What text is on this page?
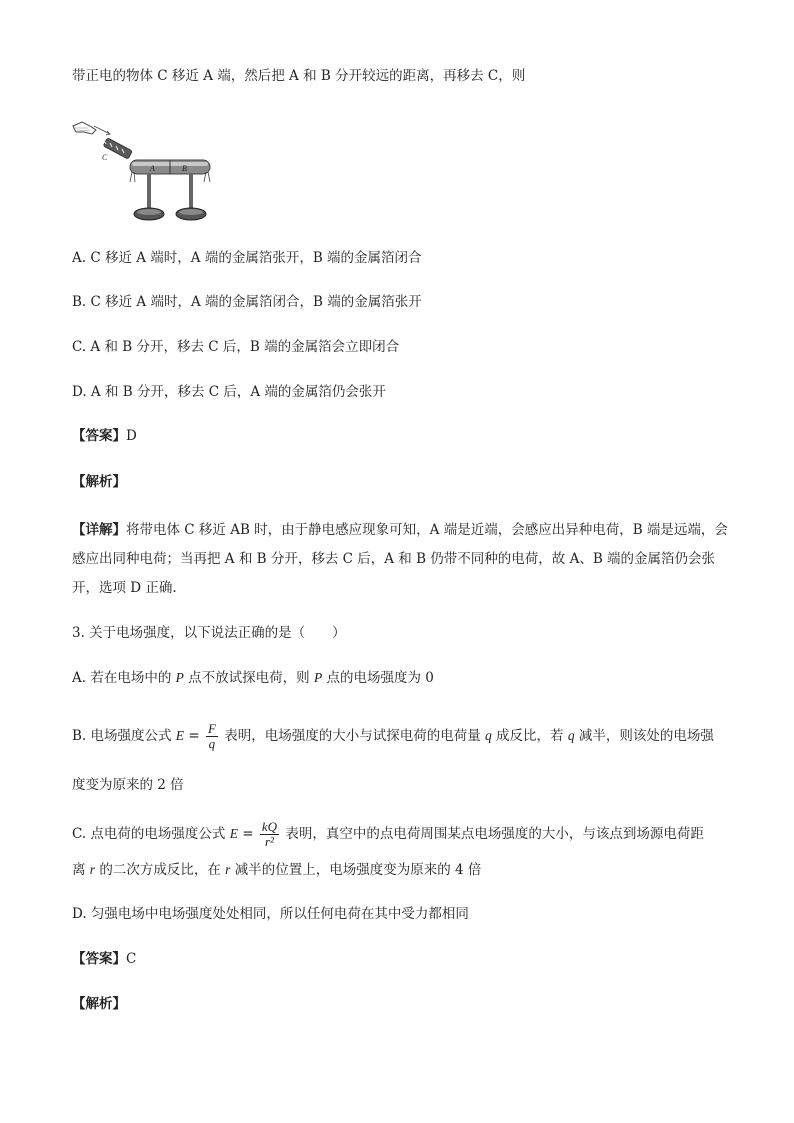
带正电的物体 C 移近 A 端，然后把 A 和 B 分开较远的距离，再移去 C，则
C
A	B
A. C 移近 A 端时，A 端的金属箔张开，B 端的金属箔闭合
B. C 移近 A 端时，A 端的金属箔闭合，B 端的金属箔张开
C. A 和 B 分开，移去 C 后，B 端的金属箔会立即闭合
D. A 和 B 分开，移去 C 后，A 端的金属箔仍会张开
【答案】D
【解析】
【详解】将带电体 C 移近 AB 时，由于静电感应现象可知，A 端是近端，会感应出异种电荷，B 端是远端，会感应出同种电荷；当再把 A 和 B 分开，移去 C 后，A 和 B 仍带不同种的电荷，故 A、B 端的金属箔仍会张开，选项 D 正确.
3. 关于电场强度，以下说法正确的是（　　）
A. 若在电场中的 P 点不放试探电荷，则 P 点的电场强度为 0
B. 电场强度公式 $E = \frac{F}{q}$ 表明，电场强度的大小与试探电荷的电荷量 q 成反比，若 q 减半，则该处的电场强
度变为原来的 2 倍
C. 点电荷的电场强度公式 $E = \frac{kQ}{\text{r²}}$ 表明，真空中的点电荷周围某点电场强度的大小，与该点到场源电荷距
离 r 的二次方成反比，在 r 减半的位置上，电场强度变为原来的 4 倍
D. 匀强电场中电场强度处处相同，所以任何电荷在其中受力都相同
【答案】C
【解析】
